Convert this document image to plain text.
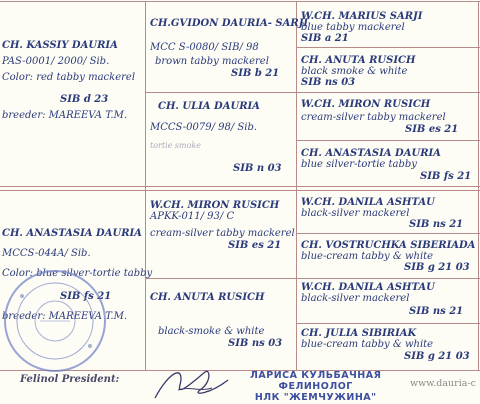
CH. KASSIY DAURIA
PAS-0001/ 2000/ Sib.
Color: red tabby mackerel
SIB d 23
breeder: MAREEVA T.M.
CH.GVIDON DAURIA- SARJI
MCC S-0080/ SIB/ 98
brown tabby mackerel
SIB b 21
CH. ULIA DAURIA
MCCS-0079/ 98/ Sib.
tortie smoke
SIB n 03
W.CH. MARIUS SARJI
blue tabby mackerel
SIB a 21
CH. ANUTA RUSICH
black smoke & white
SIB ns 03
W.CH. MIRON RUSICH
cream-silver tabby mackerel
SIB es 21
CH. ANASTASIA DAURIA
blue silver-tortie tabby
SIB fs 21
CH. ANASTASIA DAURIA
MCCS-044A/ Sib.
Color: blue silver-tortie tabby
SIB fs 21
breeder: MAREEVA T.M.
W.CH. MIRON RUSICH
APKK-011/ 93/ C
cream-silver tabby mackerel
SIB es 21
CH. ANUTA RUSICH
black-smoke & white
SIB ns 03
W.CH. DANILA ASHTAU
black-silver mackerel
SIB ns 21
CH. VOSTRUCHKA SIBERIADA
blue-cream tabby & white
SIB g 21 03
W.CH. DANILA ASHTAU
black-silver mackerel
SIB ns 21
CH. JULIA SIBIRIAK
blue-cream tabby & white
SIB g 21 03
Felinol President:	ЛАРИСА КУЛЬБАЧНАЯ
ФЕЛИНОЛОГ
НЛК "ЖЕМЧУЖИНА"
www.dauria-c
